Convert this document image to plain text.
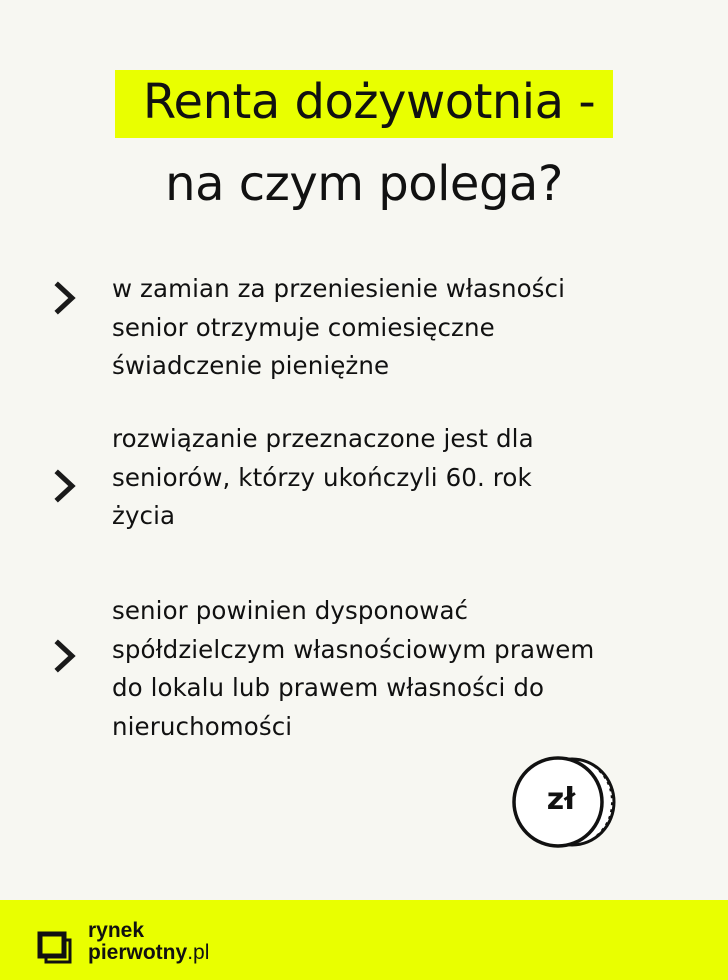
Renta dożywotnia -
na czym polega?
w zamian za przeniesienie własności
senior otrzymuje comiesięczne
świadczenie pieniężne
rozwiązanie przeznaczone jest dla
seniorów, którzy ukończyli 60. rok
życia
senior powinien dysponować
spółdzielczym własnościowym prawem
do lokalu lub prawem własności do
nieruchomości
zł
rynek
pierwotny.pl
